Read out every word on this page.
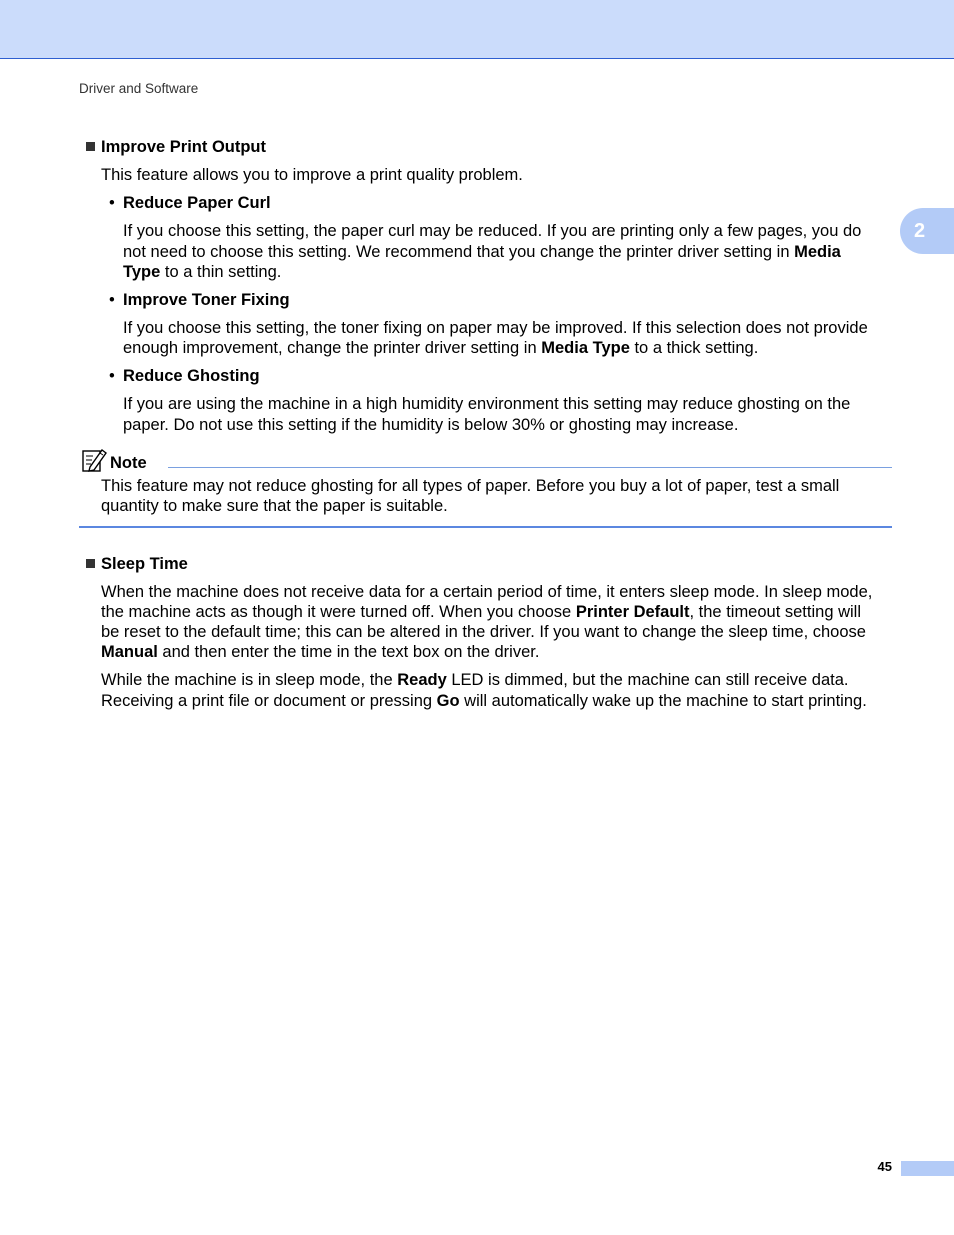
Driver and Software
2
Improve Print Output
This feature allows you to improve a print quality problem.
• Reduce Paper Curl
If you choose this setting, the paper curl may be reduced. If you are printing only a few pages, you do
not need to choose this setting. We recommend that you change the printer driver setting in Media
Type to a thin setting.
• Improve Toner Fixing
If you choose this setting, the toner fixing on paper may be improved. If this selection does not provide
enough improvement, change the printer driver setting in Media Type to a thick setting.
• Reduce Ghosting
If you are using the machine in a high humidity environment this setting may reduce ghosting on the
paper. Do not use this setting if the humidity is below 30% or ghosting may increase.
Note
This feature may not reduce ghosting for all types of paper. Before you buy a lot of paper, test a small
quantity to make sure that the paper is suitable.
Sleep Time
When the machine does not receive data for a certain period of time, it enters sleep mode. In sleep mode,
the machine acts as though it were turned off. When you choose Printer Default, the timeout setting will
be reset to the default time; this can be altered in the driver. If you want to change the sleep time, choose
Manual and then enter the time in the text box on the driver.
While the machine is in sleep mode, the Ready LED is dimmed, but the machine can still receive data.
Receiving a print file or document or pressing Go will automatically wake up the machine to start printing.
45
